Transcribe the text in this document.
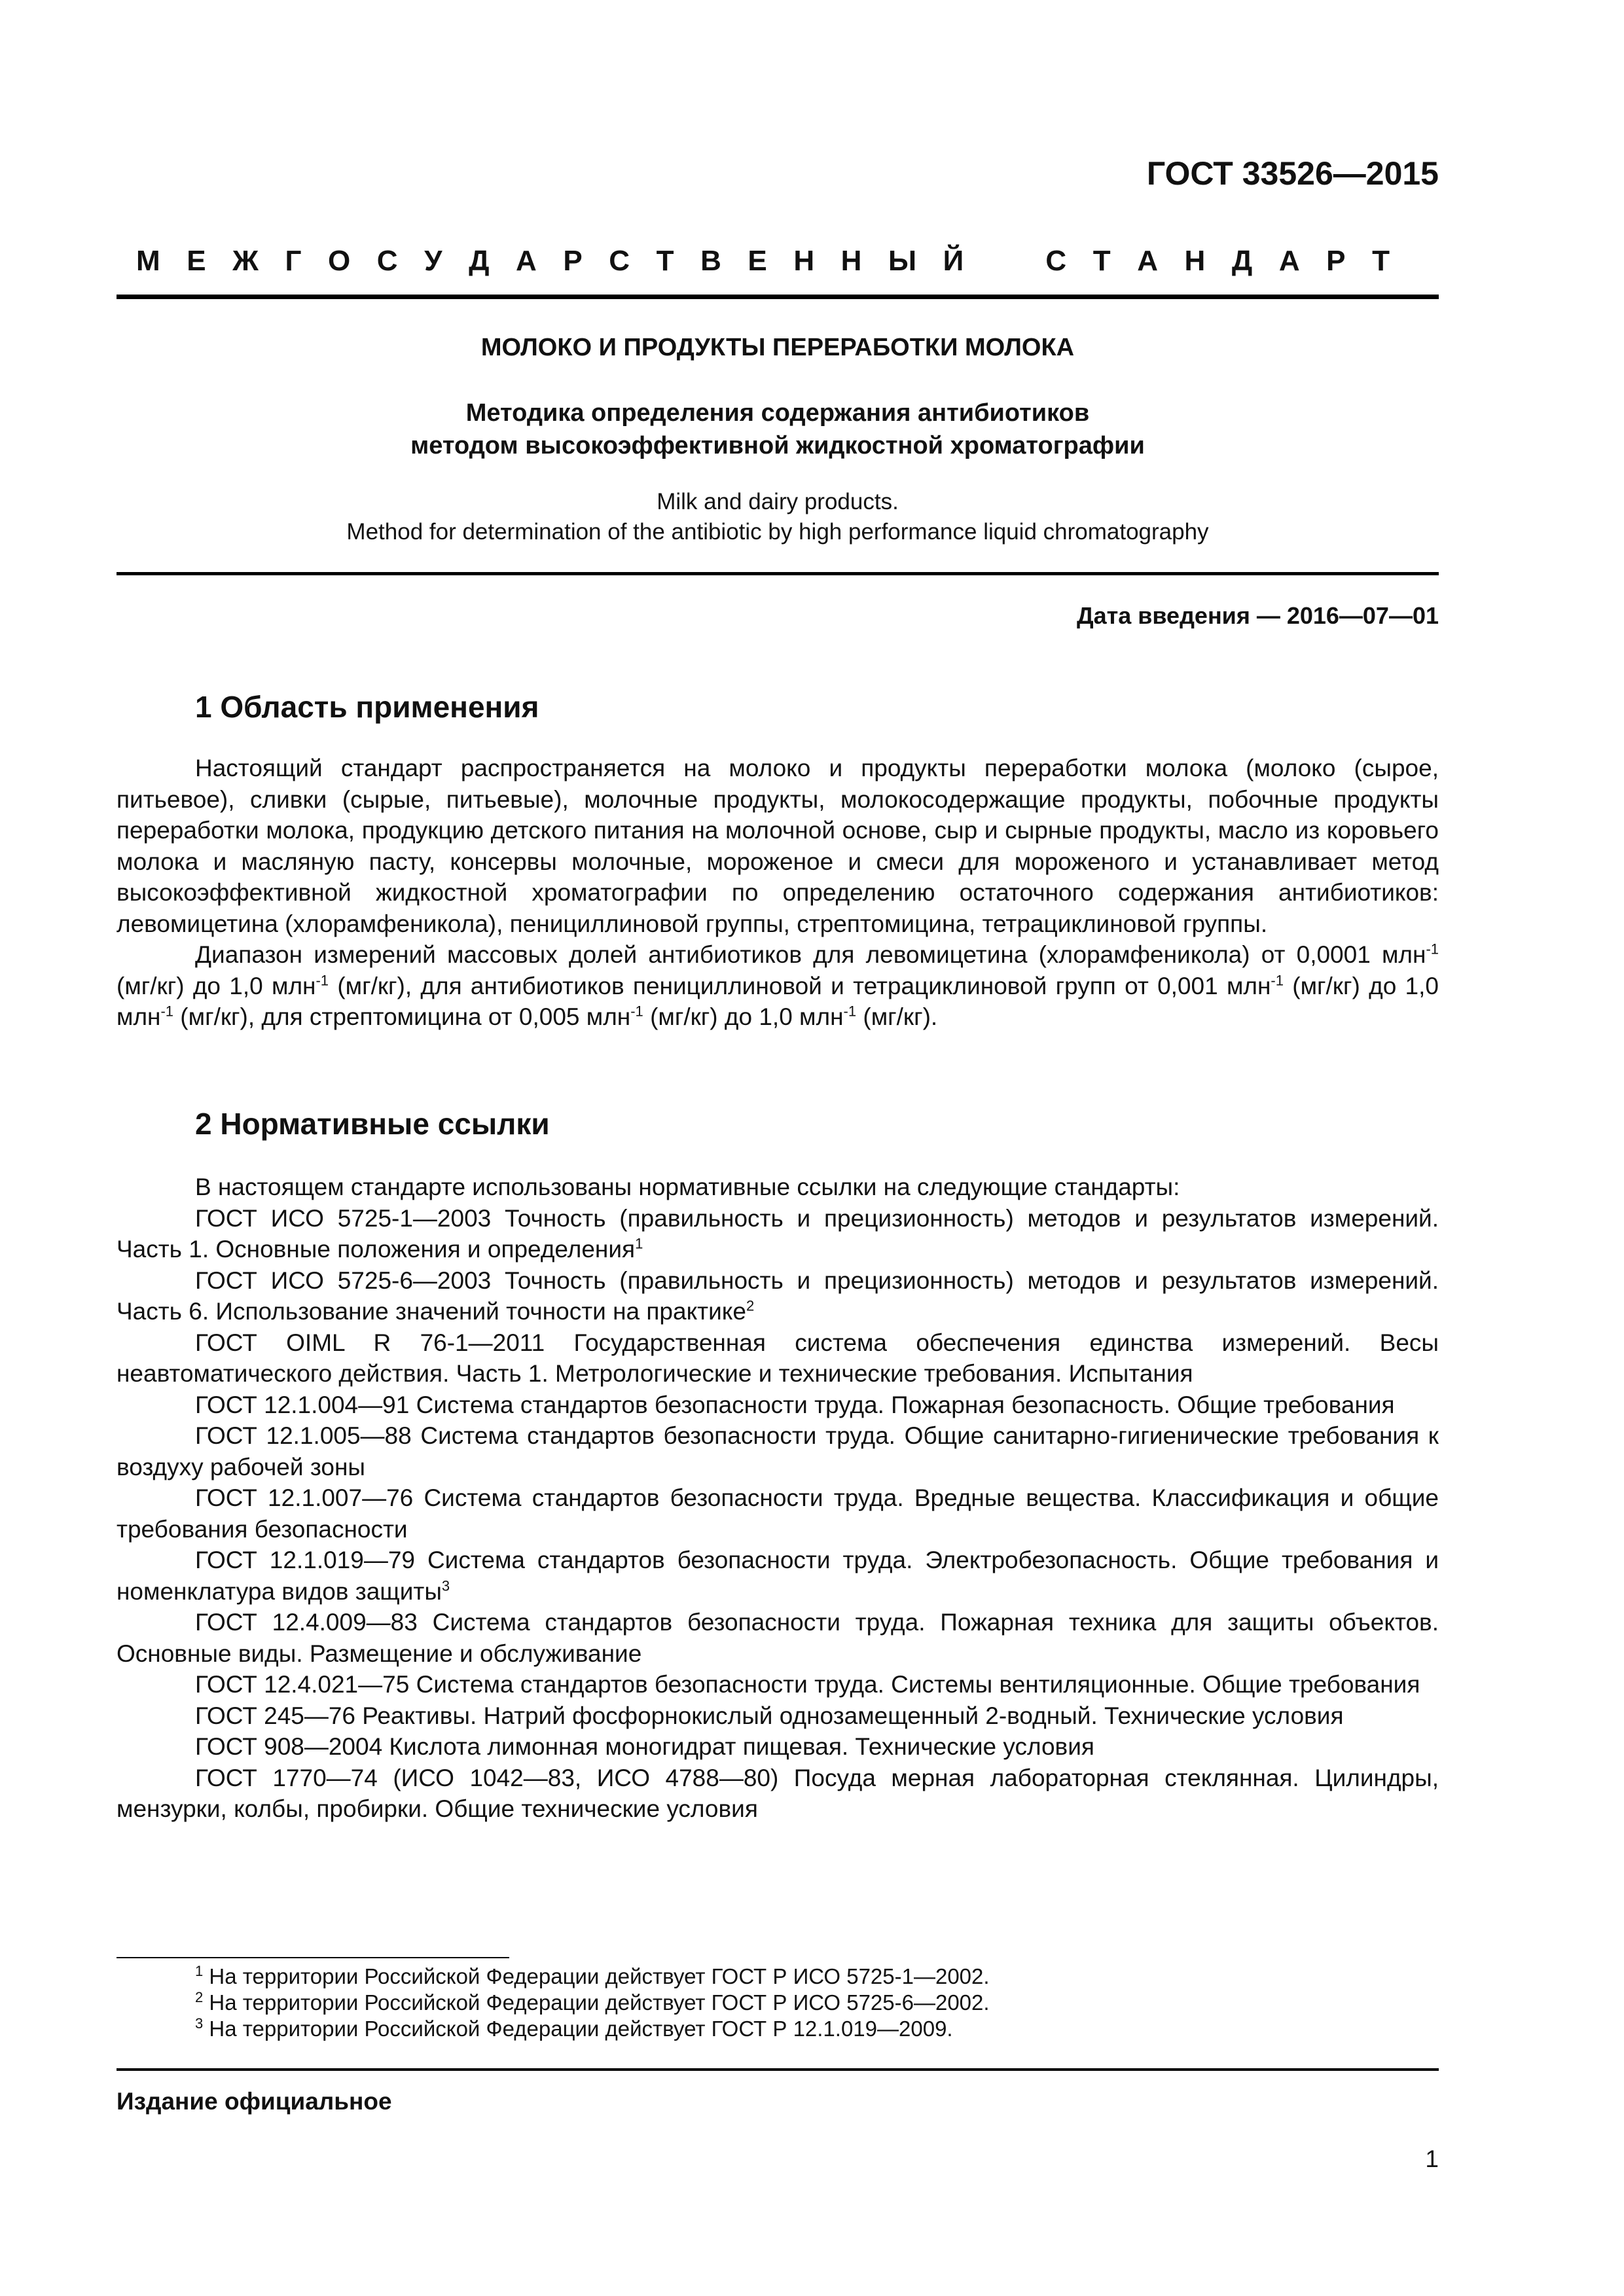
ГОСТ 33526—2015
М Е Ж Г О С У Д А Р С Т В Е Н Н Ы Й	С Т А Н Д А Р Т
МОЛОКО И ПРОДУКТЫ ПЕРЕРАБОТКИ МОЛОКА
Методика определения содержания антибиотиков
методом высокоэффективной жидкостной хроматографии
Milk and dairy products.
Method for determination of the antibiotic by high performance liquid chromatography
Дата введения — 2016—07—01
1 Область применения

Настоящий стандарт распространяется на молоко и продукты переработки молока (молоко (сырое, питьевое), сливки (сырые, питьевые), молочные продукты, молокосодержащие продукты, побочные продукты переработки молока, продукцию детского питания на молочной основе, сыр и сырные продукты, масло из коровьего молока и масляную пасту, консервы молочные, мороженое и смеси для мороженого и устанавливает метод высокоэффективной жидкостной хроматографии по определению остаточного содержания антибиотиков: левомицетина (хлорамфеникола), пенициллиновой группы, стрептомицина, тетрациклиновой группы.

Диапазон измерений массовых долей антибиотиков для левомицетина (хлорамфеникола) от 0,0001 млн$^{-1}$ (мг/кг) до 1,0 млн$^{-1}$ (мг/кг), для антибиотиков пенициллиновой и тетрациклиновой групп от 0,001 млн$^{-1}$ (мг/кг) до 1,0 млн$^{-1}$ (мг/кг), для стрептомицина от 0,005 млн$^{-1}$ (мг/кг) до 1,0 млн$^{-1}$ (мг/кг).

2 Нормативные ссылки

В настоящем стандарте использованы нормативные ссылки на следующие стандарты:

ГОСТ ИСО 5725-1—2003 Точность (правильность и прецизионность) методов и результатов измерений. Часть 1. Основные положения и определения$^1$

ГОСТ ИСО 5725-6—2003 Точность (правильность и прецизионность) методов и результатов измерений. Часть 6. Использование значений точности на практике$^2$

ГОСТ OIML R 76-1—2011 Государственная система обеспечения единства измерений. Весы неавтоматического действия. Часть 1. Метрологические и технические требования. Испытания

ГОСТ 12.1.004—91 Система стандартов безопасности труда. Пожарная безопасность. Общие требования

ГОСТ 12.1.005—88 Система стандартов безопасности труда. Общие санитарно-гигиенические требования к воздуху рабочей зоны

ГОСТ 12.1.007—76 Система стандартов безопасности труда. Вредные вещества. Классификация и общие требования безопасности

ГОСТ 12.1.019—79 Система стандартов безопасности труда. Электробезопасность. Общие требования и номенклатура видов защиты$^3$

ГОСТ 12.4.009—83 Система стандартов безопасности труда. Пожарная техника для защиты объектов. Основные виды. Размещение и обслуживание

ГОСТ 12.4.021—75 Система стандартов безопасности труда. Системы вентиляционные. Общие требования

ГОСТ 245—76 Реактивы. Натрий фосфорнокислый однозамещенный 2-водный. Технические условия

ГОСТ 908—2004 Кислота лимонная моногидрат пищевая. Технические условия

ГОСТ 1770—74 (ИСО 1042—83, ИСО 4788—80) Посуда мерная лабораторная стеклянная. Цилиндры, мензурки, колбы, пробирки. Общие технические условия

$^1$ На территории Российской Федерации действует ГОСТ Р ИСО 5725-1—2002.
$^2$ На территории Российской Федерации действует ГОСТ Р ИСО 5725-6—2002.
$^3$ На территории Российской Федерации действует ГОСТ Р 12.1.019—2009.
Издание официальное
1
